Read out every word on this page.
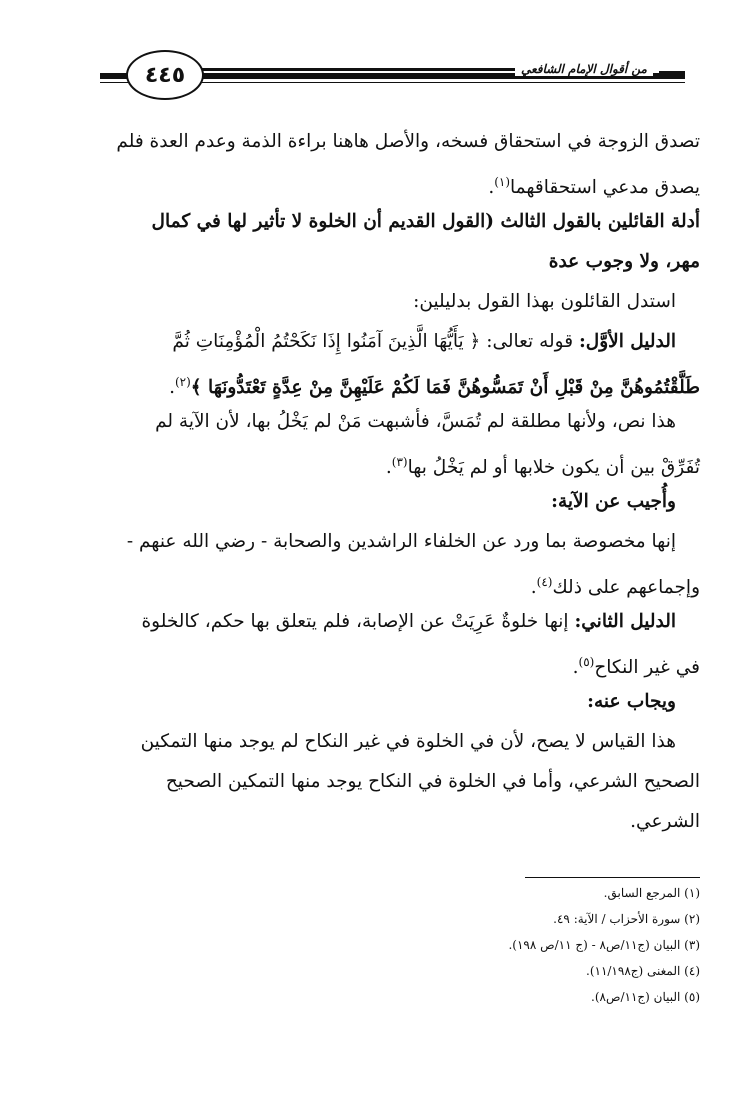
٤٤٥	من أقوال الإمام الشافعي
تصدق الزوجة في استحقاق فسخه، والأصل هاهنا براءة الذمة وعدم العدة فلم
يصدق مدعي استحقاقهما$^{(١)}$.
أدلة القائلين بالقول الثالث (القول القديم أن الخلوة لا تأثير لها في كمال
مهر، ولا وجوب عدة
استدل القائلون بهذا القول بدليلين:
الدليل الأوَّل: قوله تعالى: ﴿ يَأَيُّهَا الَّذِينَ آمَنُوا إِذَا نَكَحْتُمُ الْمُؤْمِنَاتِ ثُمَّ
طَلَّقْتُمُوهُنَّ مِنْ قَبْلِ أَنْ تَمَسُّوهُنَّ فَمَا لَكُمْ عَلَيْهِنَّ مِنْ عِدَّةٍ تَعْتَدُّونَهَا ﴾$^{(٢)}$.
هذا نص، ولأنها مطلقة لم تُمَسَّ، فأشبهت مَنْ لم يَخْلُ بها، لأن الآية لم
تُفَرِّقْ بين أن يكون خلابها أو لم يَخْلُ بها$^{(٣)}$.
وأُجيب عن الآية:
إنها مخصوصة بما ورد عن الخلفاء الراشدين والصحابة - رضي الله عنهم -
وإجماعهم على ذلك$^{(٤)}$.
الدليل الثاني: إنها خلوةٌ عَرِيَتْ عن الإصابة، فلم يتعلق بها حكم، كالخلوة
في غير النكاح$^{(٥)}$.
ويجاب عنه:
هذا القياس لا يصح، لأن في الخلوة في غير النكاح لم يوجد منها التمكين
الصحيح الشرعي، وأما في الخلوة في النكاح يوجد منها التمكين الصحيح
الشرعي.
(١) المرجع السابق.
(٢) سورة الأحزاب / الآية: ٤٩.
(٣) البيان (ج١١/ص٨ - (ج ١١/ص ١٩٨).
(٤) المغنى (ج١١/١٩٨).
(٥) البيان (ج١١/ص٨).
